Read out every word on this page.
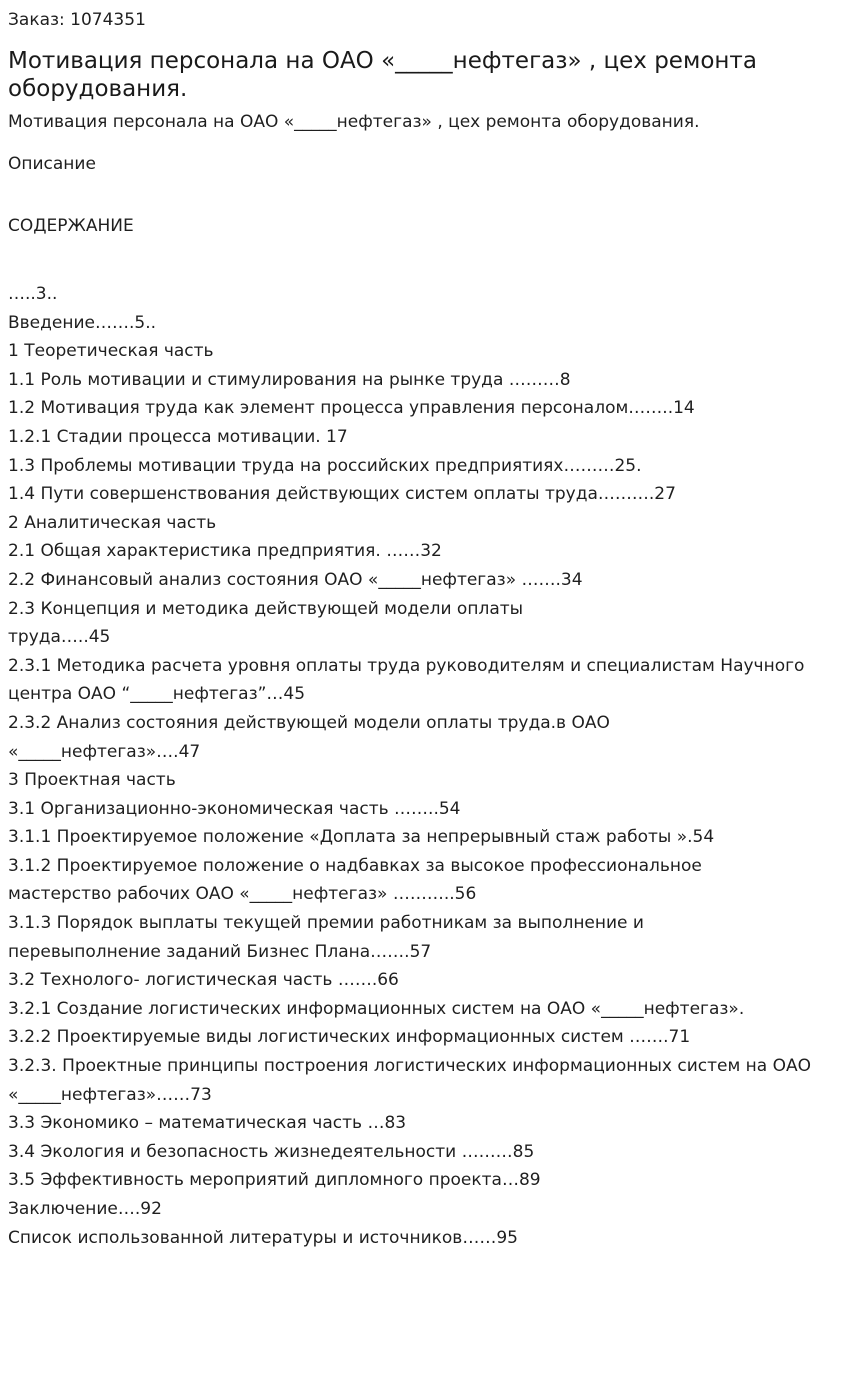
Заказ: 1074351
Мотивация персонала на ОАО «_____нефтегаз» , цех ремонта оборудования.
Мотивация персонала на ОАО «_____нефтегаз» , цех ремонта оборудования.
Описание
СОДЕРЖАНИЕ
…..3..
Введение…….5..
1 Теоретическая часть
1.1 Роль мотивации и стимулирования на рынке труда ………8
1.2 Мотивация труда как элемент процесса управления персоналом……..14
1.2.1 Стадии процесса мотивации. 17
1.3 Проблемы мотивации труда на российских предприятиях………25.
1.4 Пути совершенствования действующих систем оплаты труда……….27
2 Аналитическая часть
2.1 Общая характеристика предприятия. ……32
2.2 Финансовый анализ состояния ОАО «_____нефтегаз» …….34
2.3 Концепция и методика действующей модели оплаты труда…..45
2.3.1 Методика расчета уровня оплаты труда руководителям и специалистам Научного центра ОАО “_____нефтегаз”…45
2.3.2 Анализ состояния действующей модели оплаты труда.в ОАО «_____нефтегаз»….47
3 Проектная часть
3.1 Организационно-экономическая часть ……..54
3.1.1 Проектируемое положение «Доплата за непрерывный стаж работы ».54
3.1.2 Проектируемое положение о надбавках за высокое профессиональное мастерство рабочих ОАО «_____нефтегаз» ………..56
3.1.3 Порядок выплаты текущей премии работникам за выполнение и перевыполнение заданий Бизнес Плана…….57
3.2 Технолого- логистическая часть …….66
3.2.1 Создание логистических информационных систем на ОАО «_____нефтегаз».
3.2.2 Проектируемые виды логистических информационных систем …….71
3.2.3. Проектные принципы построения логистических информационных систем на ОАО «_____нефтегаз»……73
3.3 Экономико – математическая часть …83
3.4 Экология и безопасность жизнедеятельности ………85
3.5 Эффективность мероприятий дипломного проекта…89
Заключение….92
Список использованной литературы и источников……95
